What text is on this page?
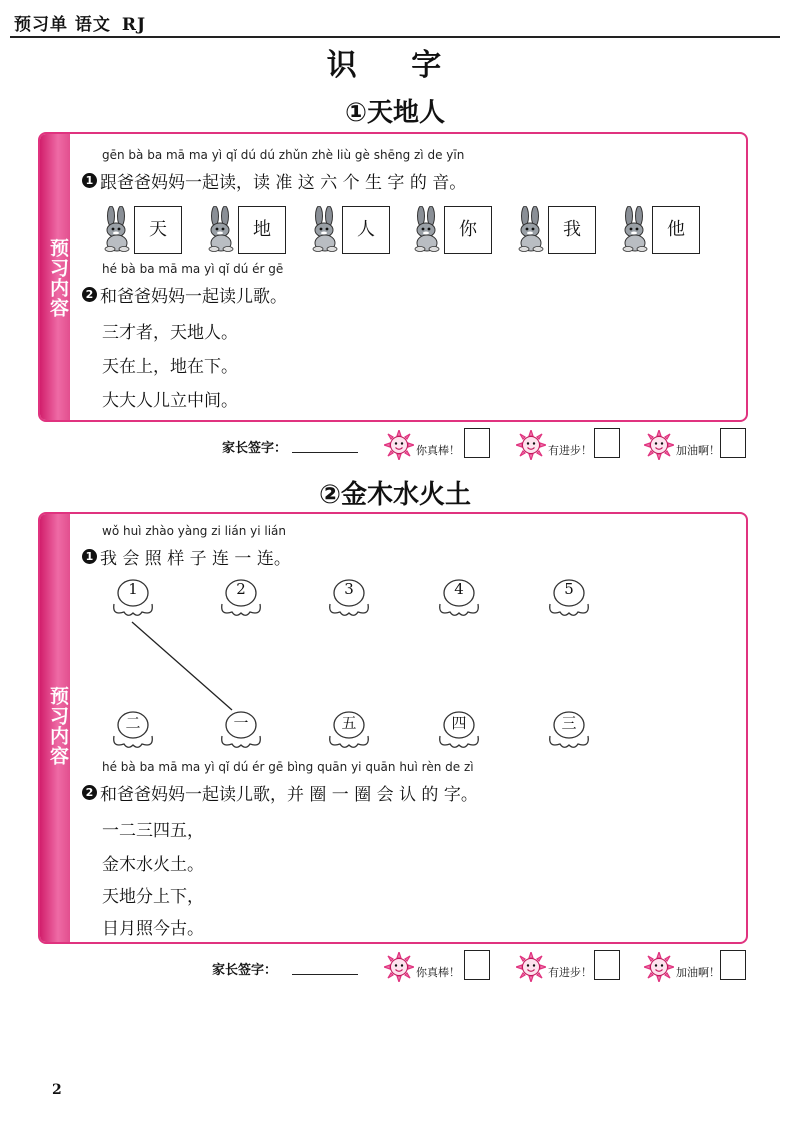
预习单 语文 RJ
识 字
①天地人
预习内容
gēn bà ba mā ma yì qǐ dú dú zhǔn zhè liù gè shēng zì de yīn
1 跟爸爸妈妈一起读，读 准 这 六 个 生 字 的 音。
天	地	人	你	我	他
hé bà ba mā ma yì qǐ dú ér gē
2 和爸爸妈妈一起读儿歌。
三才者，天地人。
天在上，地在下。
大大人儿立中间。
家长签字：	你真棒！	有进步！	加油啊！
②金木水火土
预习内容
wǒ huì zhào yàng zi lián yi lián
1 我 会 照 样 子 连 一 连。
1	2	3	4	5
二	一	五	四	三
hé bà ba mā ma yì qǐ dú ér gē bìng quān yi quān huì rèn de zì
2 和爸爸妈妈一起读儿歌，并 圈 一 圈 会 认 的 字。
一二三四五，
金木水火土。
天地分上下，
日月照今古。
家长签字：	你真棒！	有进步！	加油啊！
2
